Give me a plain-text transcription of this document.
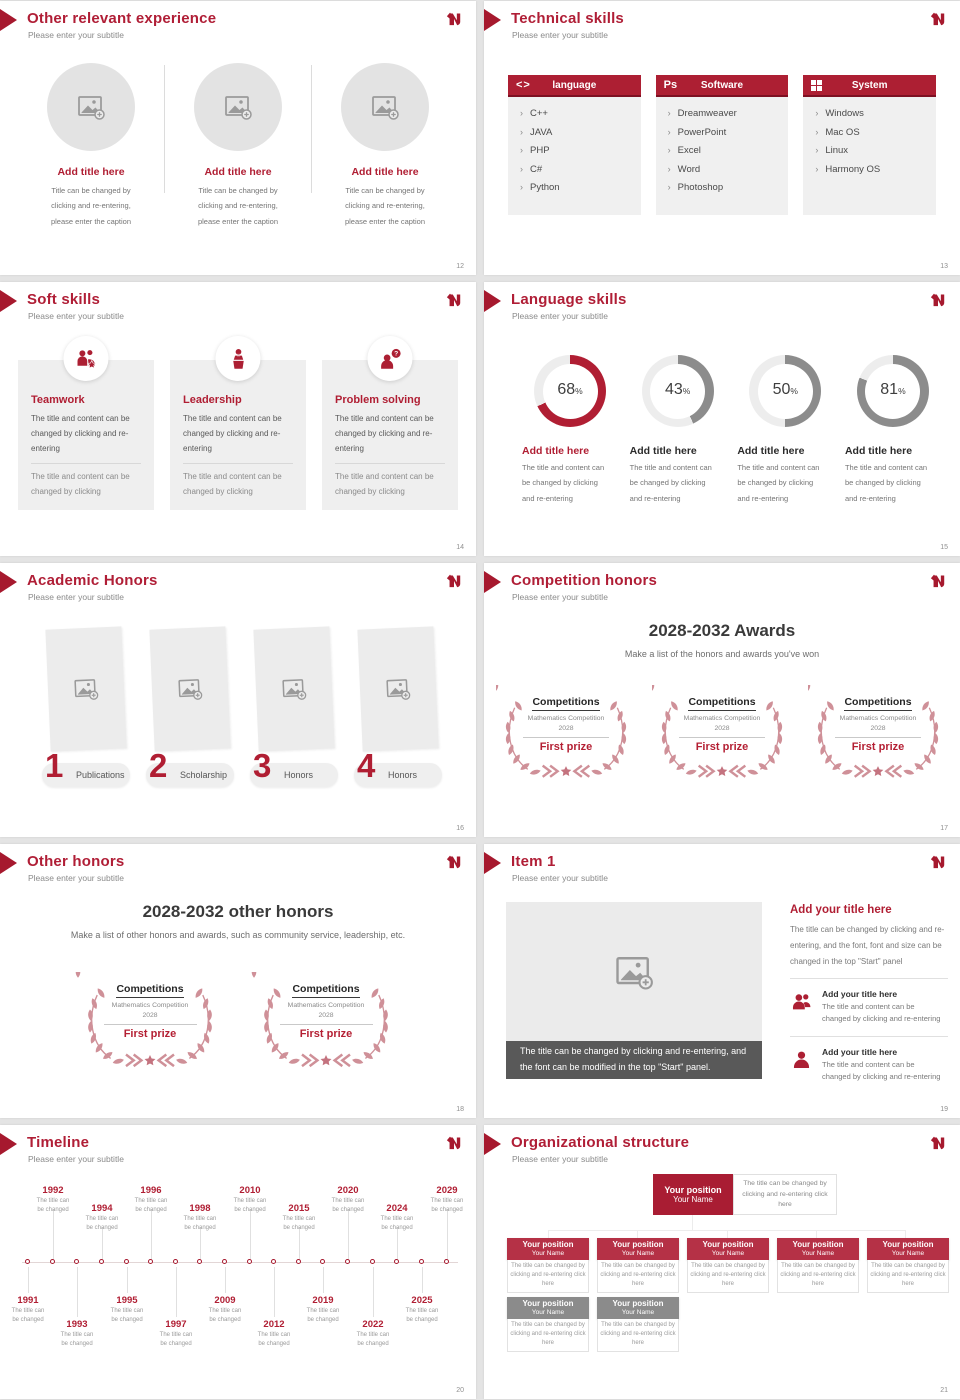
Other relevant experience
Please enter your subtitle
Add title here
Title can be changed by
clicking and re-entering,
please enter the caption
Add title here
Title can be changed by
clicking and re-entering,
please enter the caption
Add title here
Title can be changed by
clicking and re-entering,
please enter the caption
12
Technical skills
Please enter your subtitle
<> language
› C++
› JAVA
› PHP
› C#
› Python
Ps Software
› Dreamweaver
› PowerPoint
› Excel
› Word
› Photoshop
System
› Windows
› Mac OS
› Linux
› Harmony OS
13
Soft skills
Please enter your subtitle
Teamwork
The title and content can be
changed by clicking and re-
entering
The title and content can be
changed by clicking
Leadership
The title and content can be
changed by clicking and re-
entering
The title and content can be
changed by clicking
Problem solving
The title and content can be
changed by clicking and re-
entering
The title and content can be
changed by clicking
14
Language skills
Please enter your subtitle
68 %
Add title here
The title and content can
be changed by clicking
and re-entering
43 %
Add title here
The title and content can
be changed by clicking
and re-entering
50 %
Add title here
The title and content can
be changed by clicking
and re-entering
81 %
Add title here
The title and content can
be changed by clicking
and re-entering
15
Academic Honors
Please enter your subtitle
1 Publications 2 Scholarship 3 Honors 4 Honors
16
Competition honors
Please enter your subtitle
2028-2032 Awards
Make a list of the honors and awards you've won
Competitions
Mathematics Competition
2028
First prize
Competitions
Mathematics Competition
2028
First prize
Competitions
Mathematics Competition
2028
First prize
17
Other honors
Please enter your subtitle
2028-2032 other honors
Make a list of other honors and awards, such as community service, leadership, etc.
Competitions
Mathematics Competition
2028
First prize
Competitions
Mathematics Competition
2028
First prize
18
Item 1
Please enter your subtitle
The title can be changed by clicking and re-entering, and
the font can be modified in the top "Start" panel.
Add your title here
The title can be changed by clicking and re-
entering, and the font, font and size can be
changed in the top "Start" panel
Add your title here
The title and content can be
changed by clicking and re-entering
Add your title here
The title and content can be
changed by clicking and re-entering
19
Timeline
Please enter your subtitle
1991
The title can
be changed
1992
The title can
be changed
1993
The title can
be changed
1994
The title can
be changed
1995
The title can
be changed
1996
The title can
be changed
1997
The title can
be changed
1998
The title can
be changed
2009
The title can
be changed
2010
The title can
be changed
2012
The title can
be changed
2015
The title can
be changed
2019
The title can
be changed
2020
The title can
be changed
2022
The title can
be changed
2024
The title can
be changed
2025
The title can
be changed
2029
The title can
be changed
20
Organizational structure
Please enter your subtitle
Your position
Your Name
The title can be changed by
clicking and re-entering click
here
Your position
Your Name
The title can be changed by
clicking and re-entering click
here
Your position
Your Name
The title can be changed by
clicking and re-entering click
here
Your position
Your Name
The title can be changed by
clicking and re-entering click
here
Your position
Your Name
The title can be changed by
clicking and re-entering click
here
Your position
Your Name
The title can be changed by
clicking and re-entering click
here
Your position
Your Name
The title can be changed by
clicking and re-entering click
here
Your position
Your Name
The title can be changed by
clicking and re-entering click
here
21
